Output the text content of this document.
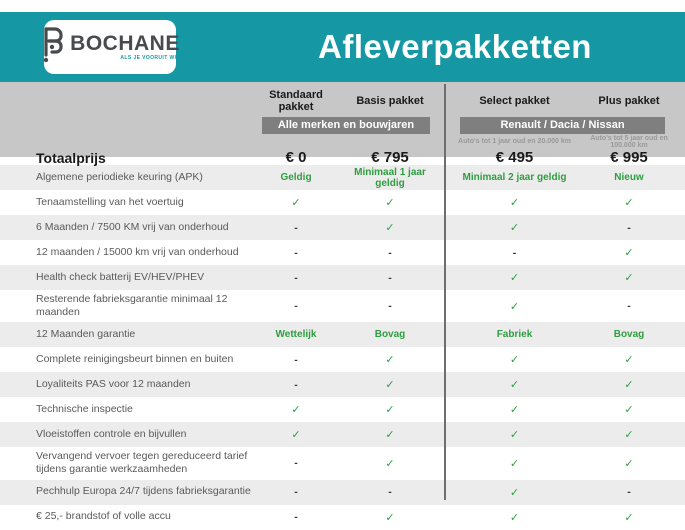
BOCHANE
ALS JE VOORUIT WIL	Afleverpakketten
Standaard pakket	Basis pakket	Select pakket	Plus pakket
Alle merken en bouwjaren	Renault / Dacia / Nissan
Auto's tot 1 jaar oud en 20.000 km	Auto's tot 5 jaar oud en 100.000 km
Totaalprijs	€ 0	€ 795	€ 495	€ 995
Algemene periodieke keuring (APK)	Geldig	Minimaal 1 jaar geldig	Minimaal 2 jaar geldig	Nieuw
Tenaamstelling van het voertuig	✓	✓	✓	✓
6 Maanden / 7500 KM vrij van onderhoud	-	✓	✓	-
12 maanden / 15000 km vrij van onderhoud	-	-	-	✓
Health check batterij EV/HEV/PHEV	-	-	✓	✓
Resterende fabrieksgarantie minimaal 12 maanden	-	-	✓	-
12 Maanden garantie	Wettelijk	Bovag	Fabriek	Bovag
Complete reinigingsbeurt binnen en buiten	-	✓	✓	✓
Loyaliteits PAS voor 12 maanden	-	✓	✓	✓
Technische inspectie	✓	✓	✓	✓
Vloeistoffen controle en bijvullen	✓	✓	✓	✓
Vervangend vervoer tegen gereduceerd tarief tijdens garantie werkzaamheden	-	✓	✓	✓
Pechhulp Europa 24/7 tijdens fabrieksgarantie	-	-	✓	-
€ 25,- brandstof of volle accu	-	✓	✓	✓
